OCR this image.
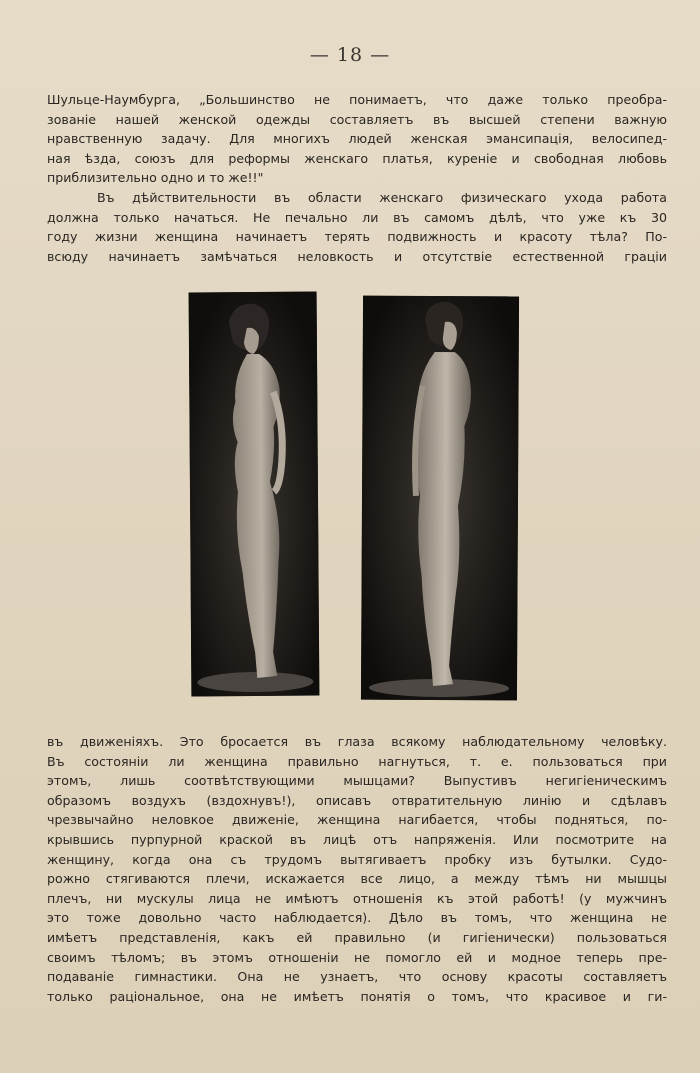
— 18 —
Шульце-Наумбурга, „Большинство не понимаетъ, что даже только преобра-
зованіе нашей женской одежды составляетъ въ высшей степени важную
нравственную задачу. Для многихъ людей женская эмансипація, велосипед-
ная ѣзда, союзъ для реформы женскаго платья, куреніе и свободная любовь
приблизительно одно и то же!!"
Въ дѣйствительности въ области женскаго физическаго ухода работа
должна только начаться. Не печально ли въ самомъ дѣлѣ, что уже къ 30
году жизни женщина начинаетъ терять подвижность и красоту тѣла? По-
всюду начинаетъ замѣчаться неловкость и отсутствіе естественной граціи
въ движеніяхъ. Это бросается въ глаза всякому наблюдательному человѣку.
Въ состояніи ли женщина правильно нагнуться, т. е. пользоваться при
этомъ, лишь соотвѣтствующими мышцами? Выпустивъ негигіеническимъ
образомъ воздухъ (вздохнувъ!), описавъ отвратительную линію и сдѣлавъ
чрезвычайно неловкое движеніе, женщина нагибается, чтобы подняться, по-
крывшись пурпурной краской въ лицѣ отъ напряженія. Или посмотрите на
женщину, когда она съ трудомъ вытягиваетъ пробку изъ бутылки. Судо-
рожно стягиваются плечи, искажается все лицо, а между тѣмъ ни мышцы
плечъ, ни мускулы лица не имѣютъ отношенія къ этой работѣ! (у мужчинъ
это тоже довольно часто наблюдается). Дѣло въ томъ, что женщина не
имѣетъ представленія, какъ ей правильно (и гигіенически) пользоваться
своимъ тѣломъ; въ этомъ отношеніи не помогло ей и модное теперь пре-
подаваніе гимнастики. Она не узнаетъ, что основу красоты составляетъ
только раціональное, она не имѣетъ понятія о томъ, что красивое и ги-
